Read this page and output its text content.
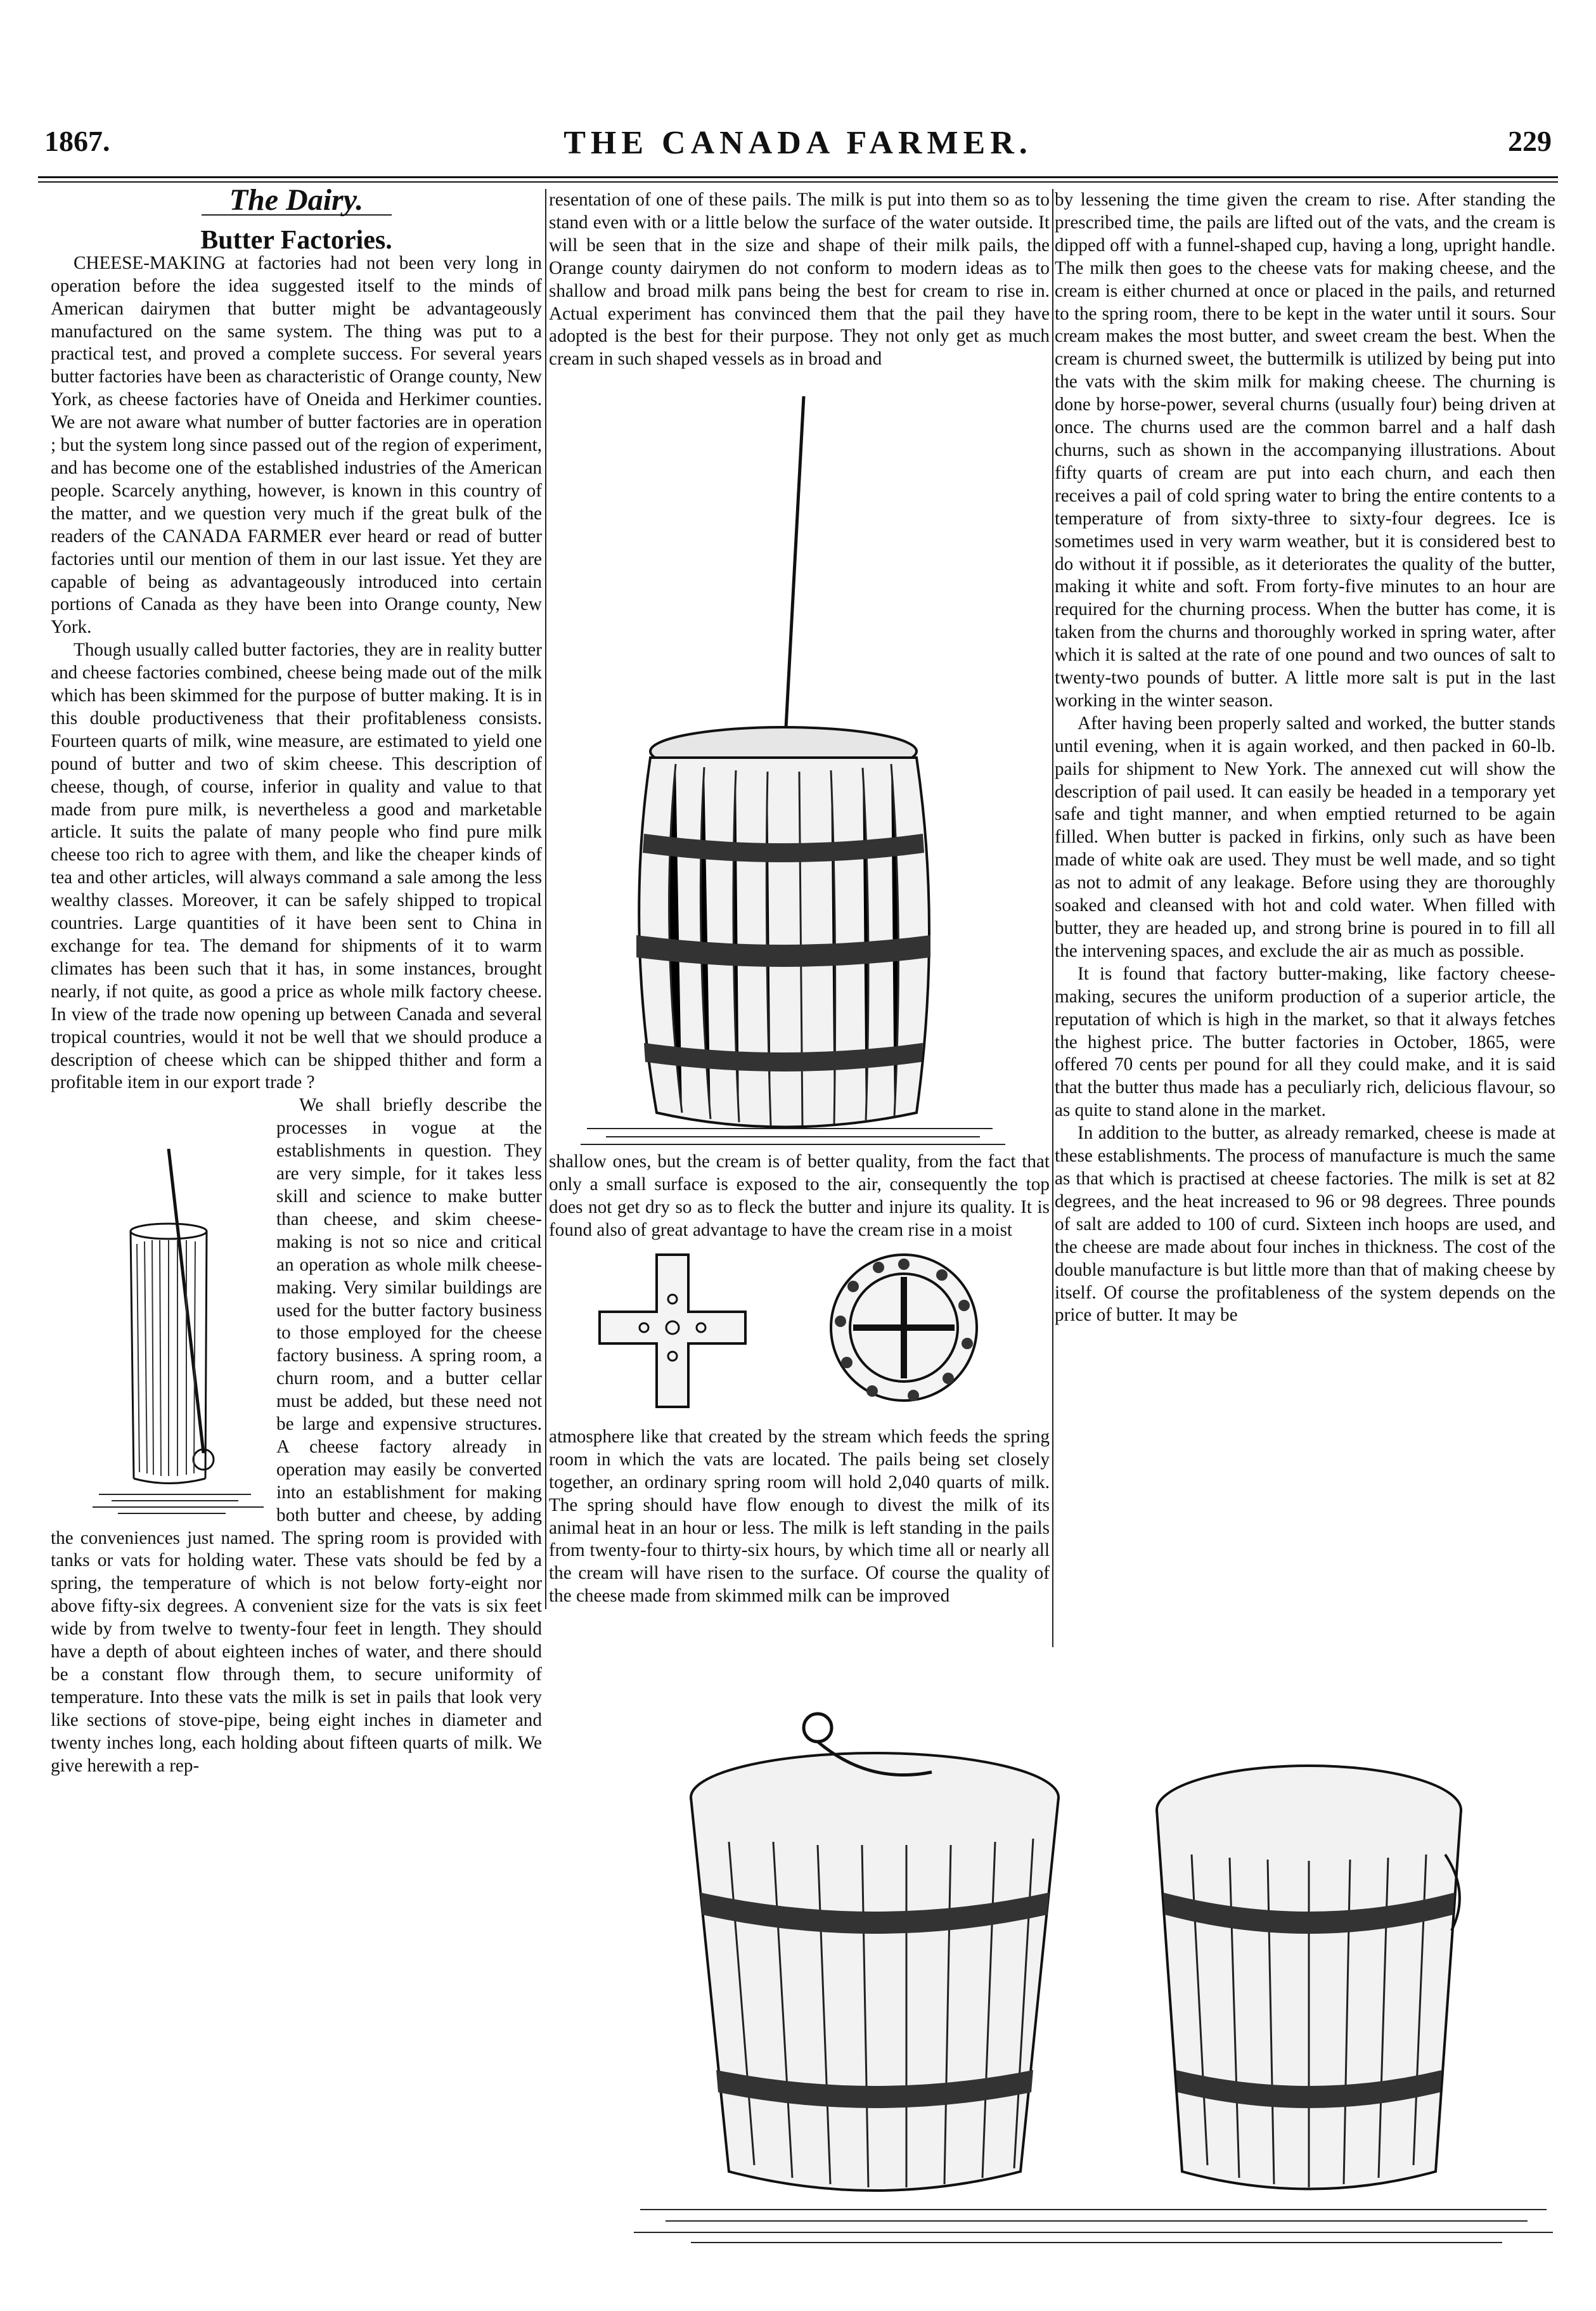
1867.	THE CANADA FARMER.	229

The Dairy.

Butter Factories.

CHEESE-MAKING at factories had not been very long in operation before the idea suggested itself to the minds of American dairymen that butter might be advantageously manufactured on the same system. The thing was put to a practical test, and proved a complete success. For several years butter factories have been as characteristic of Orange county, New York, as cheese factories have of Oneida and Herkimer counties. We are not aware what number of butter factories are in operation ; but the system long since passed out of the region of experiment, and has become one of the established industries of the American people. Scarcely anything, however, is known in this country of the matter, and we question very much if the great bulk of the readers of the CANADA FARMER ever heard or read of butter factories until our mention of them in our last issue. Yet they are capable of being as advantageously introduced into certain portions of Canada as they have been into Orange county, New York.

Though usually called butter factories, they are in reality butter and cheese factories combined, cheese being made out of the milk which has been skimmed for the purpose of butter making. It is in this double productiveness that their profitableness consists. Fourteen quarts of milk, wine measure, are estimated to yield one pound of butter and two of skim cheese. This description of cheese, though, of course, inferior in quality and value to that made from pure milk, is nevertheless a good and marketable article. It suits the palate of many people who find pure milk cheese too rich to agree with them, and like the cheaper kinds of tea and other articles, will always command a sale among the less wealthy classes. Moreover, it can be safely shipped to tropical countries. Large quantities of it have been sent to China in exchange for tea. The demand for shipments of it to warm climates has been such that it has, in some instances, brought nearly, if not quite, as good a price as whole milk factory cheese. In view of the trade now opening up between Canada and several tropical countries, would it not be well that we should produce a description of cheese which can be shipped thither and form a profitable item in our export trade ?

We shall briefly describe the processes in vogue at the establishments in question. They are very simple, for it takes less skill and science to make butter than cheese, and skim cheese-making is not so nice and critical an operation as whole milk cheese-making. Very similar buildings are used for the butter factory business to those employed for the cheese factory business. A spring room, a churn room, and a butter cellar must be added, but these need not be large and expensive structures. A cheese factory already in operation may easily be converted into an establishment for making both butter and cheese, by adding the conveniences just named. The spring room is provided with tanks or vats for holding water. These vats should be fed by a spring, the temperature of which is not below forty-eight nor above fifty-six degrees. A convenient size for the vats is six feet wide by from twelve to twenty-four feet in length. They should have a depth of about eighteen inches of water, and there should be a constant flow through them, to secure uniformity of temperature. Into these vats the milk is set in pails that look very like sections of stove-pipe, being eight inches in diameter and twenty inches long, each holding about fifteen quarts of milk. We give herewith a rep-

resentation of one of these pails. The milk is put into them so as to stand even with or a little below the surface of the water outside. It will be seen that in the size and shape of their milk pails, the Orange county dairymen do not conform to modern ideas as to shallow and broad milk pans being the best for cream to rise in. Actual experiment has convinced them that the pail they have adopted is the best for their purpose. They not only get as much cream in such shaped vessels as in broad and

shallow ones, but the cream is of better quality, from the fact that only a small surface is exposed to the air, consequently the top does not get dry so as to fleck the butter and injure its quality. It is found also of great advantage to have the cream rise in a moist

atmosphere like that created by the stream which feeds the spring room in which the vats are located. The pails being set closely together, an ordinary spring room will hold 2,040 quarts of milk. The spring should have flow enough to divest the milk of its animal heat in an hour or less. The milk is left standing in the pails from twenty-four to thirty-six hours, by which time all or nearly all the cream will have risen to the surface. Of course the quality of the cheese made from skimmed milk can be improved

by lessening the time given the cream to rise. After standing the prescribed time, the pails are lifted out of the vats, and the cream is dipped off with a funnel-shaped cup, having a long, upright handle. The milk then goes to the cheese vats for making cheese, and the cream is either churned at once or placed in the pails, and returned to the spring room, there to be kept in the water until it sours. Sour cream makes the most butter, and sweet cream the best. When the cream is churned sweet, the buttermilk is utilized by being put into the vats with the skim milk for making cheese. The churning is done by horse-power, several churns (usually four) being driven at once. The churns used are the common barrel and a half dash churns, such as shown in the accompanying illustrations. About fifty quarts of cream are put into each churn, and each then receives a pail of cold spring water to bring the entire contents to a temperature of from sixty-three to sixty-four degrees. Ice is sometimes used in very warm weather, but it is considered best to do without it if possible, as it deteriorates the quality of the butter, making it white and soft. From forty-five minutes to an hour are required for the churning process. When the butter has come, it is taken from the churns and thoroughly worked in spring water, after which it is salted at the rate of one pound and two ounces of salt to twenty-two pounds of butter. A little more salt is put in the last working in the winter season.

After having been properly salted and worked, the butter stands until evening, when it is again worked, and then packed in 60-lb. pails for shipment to New York. The annexed cut will show the description of pail used. It can easily be headed in a temporary yet safe and tight manner, and when emptied returned to be again filled. When butter is packed in firkins, only such as have been made of white oak are used. They must be well made, and so tight as not to admit of any leakage. Before using they are thoroughly soaked and cleansed with hot and cold water. When filled with butter, they are headed up, and strong brine is poured in to fill all the intervening spaces, and exclude the air as much as possible.

It is found that factory butter-making, like factory cheese-making, secures the uniform production of a superior article, the reputation of which is high in the market, so that it always fetches the highest price. The butter factories in October, 1865, were offered 70 cents per pound for all they could make, and it is said that the butter thus made has a peculiarly rich, delicious flavour, so as quite to stand alone in the market.

In addition to the butter, as already remarked, cheese is made at these establishments. The process of manufacture is much the same as that which is practised at cheese factories. The milk is set at 82 degrees, and the heat increased to 96 or 98 degrees. Three pounds of salt are added to 100 of curd. Sixteen inch hoops are used, and the cheese are made about four inches in thickness. The cost of the double manufacture is but little more than that of making cheese by itself. Of course the profitableness of the system depends on the price of butter. It may be
